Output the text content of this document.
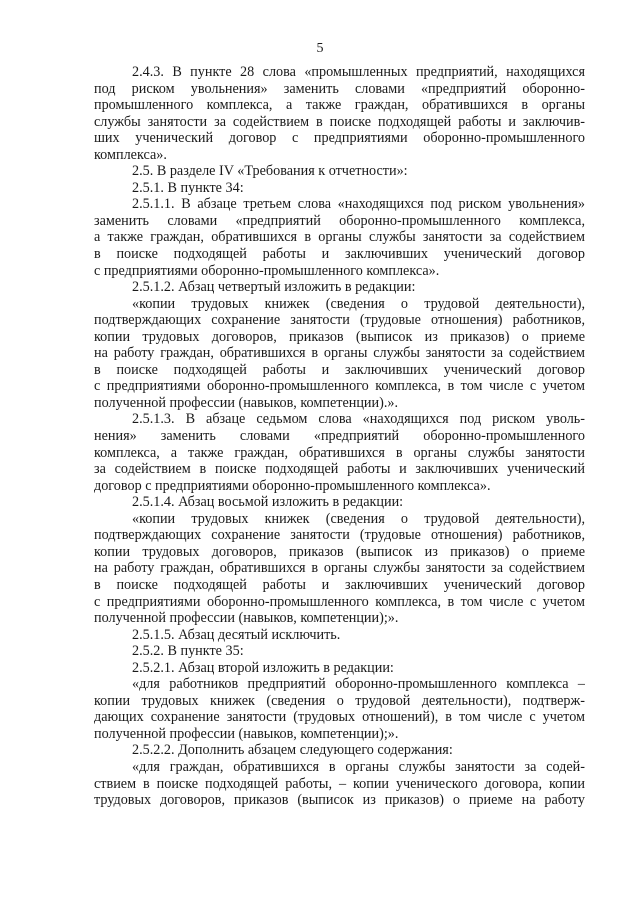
5
2.4.3. В пункте 28 слова «промышленных предприятий, находящихся
под риском увольнения» заменить словами «предприятий оборонно-
промышленного комплекса, а также граждан, обратившихся в органы
службы занятости за содействием в поиске подходящей работы и заключив-
ших ученический договор с предприятиями оборонно-промышленного
комплекса».
2.5. В разделе IV «Требования к отчетности»:
2.5.1. В пункте 34:
2.5.1.1. В абзаце третьем слова «находящихся под риском увольнения»
заменить словами «предприятий оборонно-промышленного комплекса,
а также граждан, обратившихся в органы службы занятости за содействием
в поиске подходящей работы и заключивших ученический договор
с предприятиями оборонно-промышленного комплекса».
2.5.1.2. Абзац четвертый изложить в редакции:
«копии трудовых книжек (сведения о трудовой деятельности),
подтверждающих сохранение занятости (трудовые отношения) работников,
копии трудовых договоров, приказов (выписок из приказов) о приеме
на работу граждан, обратившихся в органы службы занятости за содействием
в поиске подходящей работы и заключивших ученический договор
с предприятиями оборонно-промышленного комплекса, в том числе с учетом
полученной профессии (навыков, компетенции).».
2.5.1.3. В абзаце седьмом слова «находящихся под риском уволь-
нения» заменить словами «предприятий оборонно-промышленного
комплекса, а также граждан, обратившихся в органы службы занятости
за содействием в поиске подходящей работы и заключивших ученический
договор с предприятиями оборонно-промышленного комплекса».
2.5.1.4. Абзац восьмой изложить в редакции:
«копии трудовых книжек (сведения о трудовой деятельности),
подтверждающих сохранение занятости (трудовые отношения) работников,
копии трудовых договоров, приказов (выписок из приказов) о приеме
на работу граждан, обратившихся в органы службы занятости за содействием
в поиске подходящей работы и заключивших ученический договор
с предприятиями оборонно-промышленного комплекса, в том числе с учетом
полученной профессии (навыков, компетенции);».
2.5.1.5. Абзац десятый исключить.
2.5.2. В пункте 35:
2.5.2.1. Абзац второй изложить в редакции:
«для работников предприятий оборонно-промышленного комплекса –
копии трудовых книжек (сведения о трудовой деятельности), подтверж-
дающих сохранение занятости (трудовых отношений), в том числе с учетом
полученной профессии (навыков, компетенции);».
2.5.2.2. Дополнить абзацем следующего содержания:
«для граждан, обратившихся в органы службы занятости за содей-
ствием в поиске подходящей работы, – копии ученического договора, копии
трудовых договоров, приказов (выписок из приказов) о приеме на работу
